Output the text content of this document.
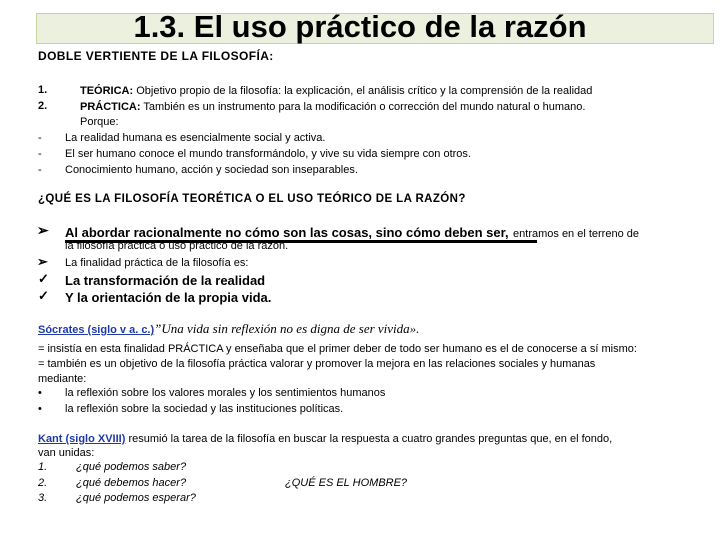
1.3. El uso práctico de la razón
DOBLE VERTIENTE DE LA FILOSOFÍA:
1.	TEÓRICA: Objetivo propio de la filosofía: la explicación, el análisis crítico y la comprensión de la realidad
2.	PRÁCTICA: También es un instrumento para la modificación o corrección del mundo natural o humano.
Porque:
- La realidad humana es esencialmente social y activa.
- El ser humano conoce el mundo transformándolo, y vive su vida siempre con otros.
- Conocimiento humano, acción y sociedad son inseparables.
¿QUÉ ES LA FILOSOFÍA TEORÉTICA O EL USO TEÓRICO DE LA RAZÓN?
➢ Al abordar racionalmente no cómo son las cosas, sino cómo deben ser, entramos en el terreno de
la filosofía práctica o uso práctico de la razón.
➢ La finalidad práctica de la filosofía es:
✓ La transformación de la realidad
✓ Y la orientación de la propia vida.
Sócrates (siglo v a. c.)”Una vida sin reflexión no es digna de ser vivida».
= insistía en esta finalidad PRÁCTICA y enseñaba que el primer deber de todo ser humano es el de conocerse a sí mismo:
= también es un objetivo de la filosofía práctica valorar y promover la mejora en las relaciones sociales y humanas
mediante:
• la reflexión sobre los valores morales y los sentimientos humanos
• la reflexión sobre la sociedad y las instituciones políticas.
Kant (siglo XVIII) resumió la tarea de la filosofía en buscar la respuesta a cuatro grandes preguntas que, en el fondo,
van unidas:
1.	¿qué podemos saber?
2.	¿qué debemos hacer?	¿QUÉ ES EL HOMBRE?
3.	¿qué podemos esperar?
